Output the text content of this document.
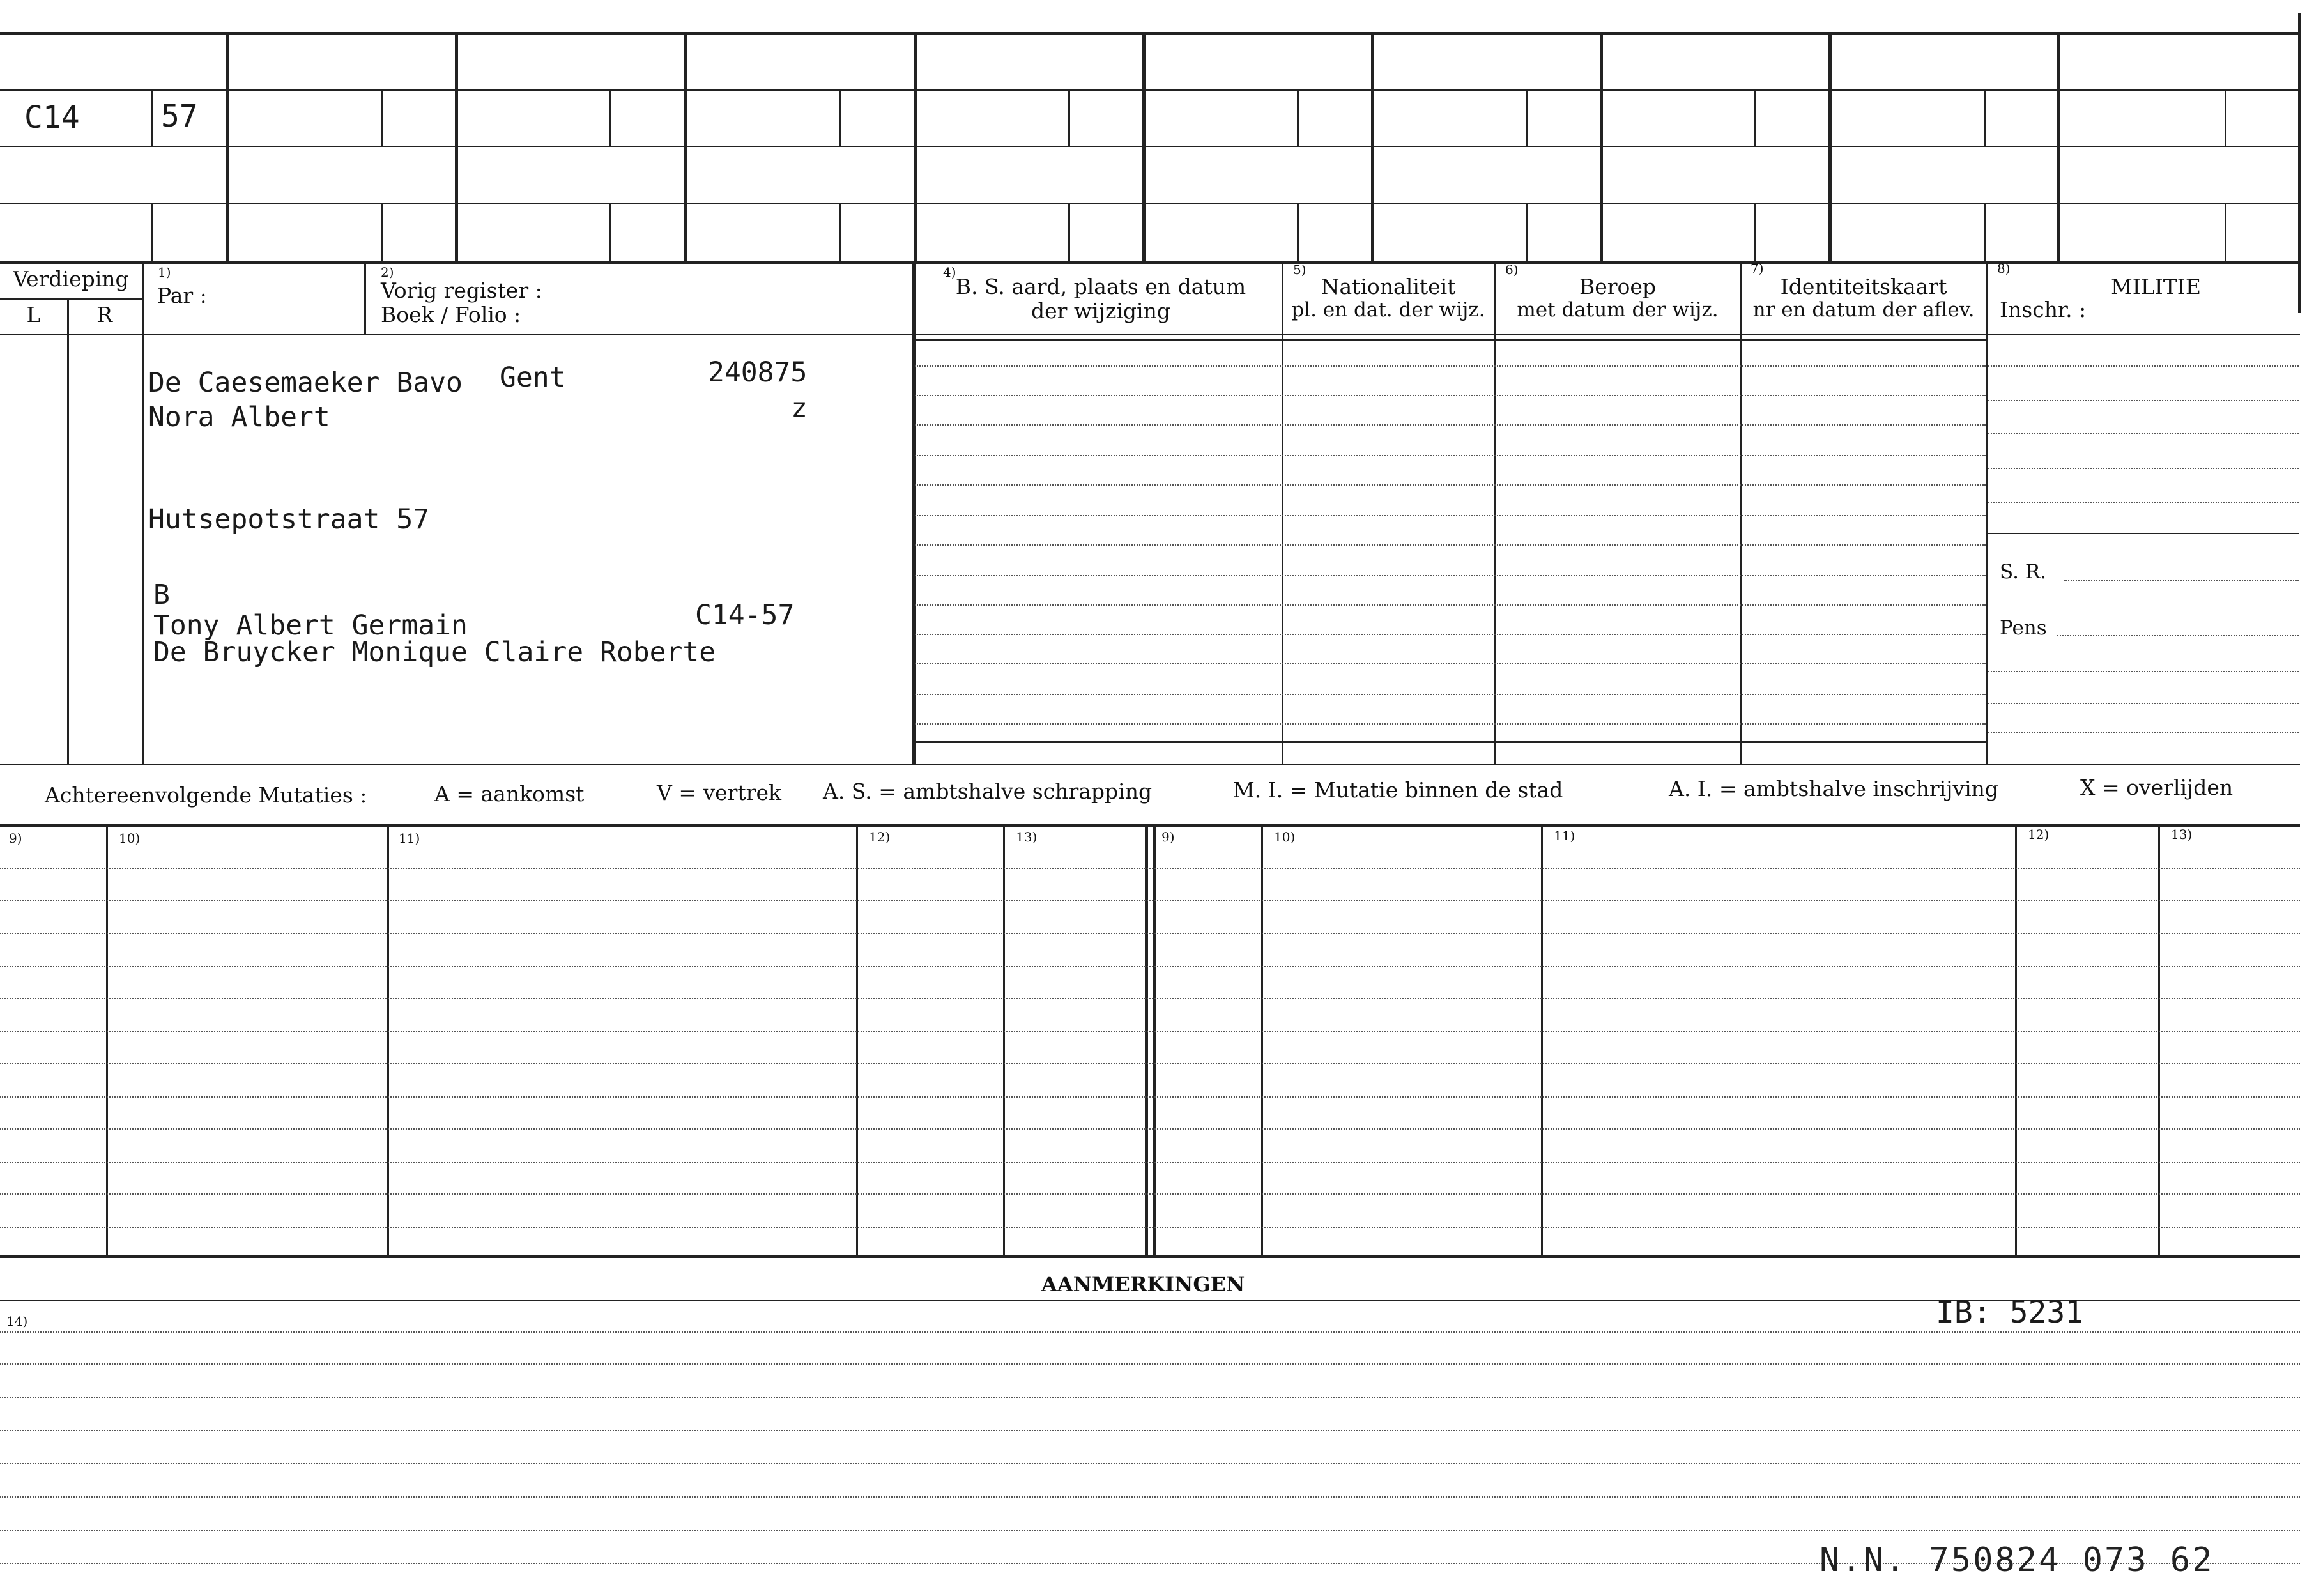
C14	57
Verdieping
L	R
1)
Par :
2)
Vorig register :
Boek / Folio :
4)
B. S. aard, plaats en datum
der wijziging
5)
Nationaliteit
pl. en dat. der wijz.
6)
Beroep
met datum der wijz.
7)
Identiteitskaart
nr en datum der aflev.
8)
MILITIE
Inschr. :
S. R.
Pens
De Caesemaeker Bavo Gent	240875
z
Nora Albert
Hutsepotstraat 57
B
Tony Albert Germain	C14-57
De Bruycker Monique Claire Roberte
Achtereenvolgende Mutaties :	A = aankomst	V = vertrek A. S. = ambtshalve schrapping	M. I. = Mutatie binnen de stad	A. I. = ambtshalve inschrijving	X = overlijden
9)	10)	11)	12)	13)	9)	10)	11)	12)	13)
AANMERKINGEN
14)	IB: 5231
N.N. 750824 073 62
